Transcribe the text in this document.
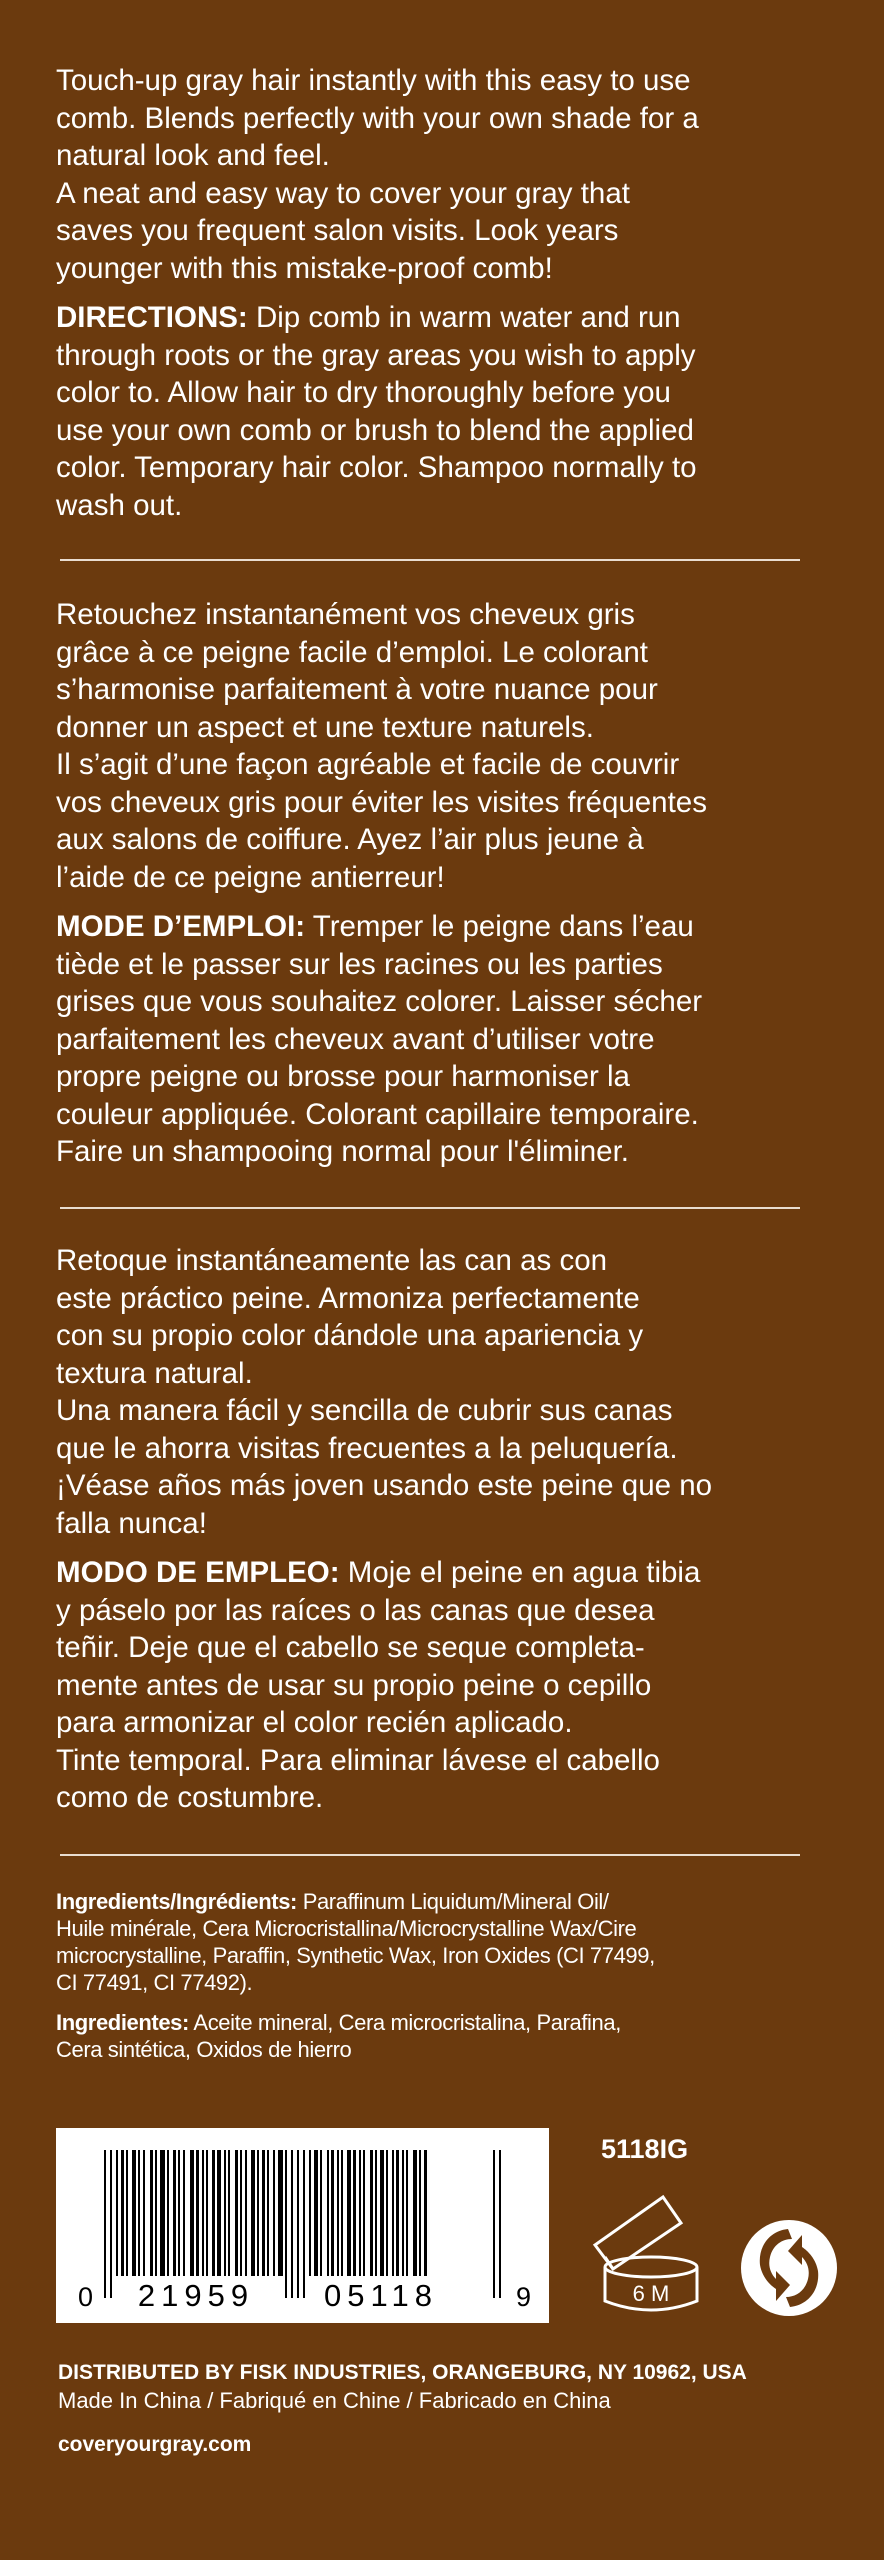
Touch-up gray hair instantly with this easy to use
comb. Blends perfectly with your own shade for a
natural look and feel.
A neat and easy way to cover your gray that
saves you frequent salon visits. Look years
younger with this mistake-proof comb!

DIRECTIONS: Dip comb in warm water and run
through roots or the gray areas you wish to apply
color to. Allow hair to dry thoroughly before you
use your own comb or brush to blend the applied
color. Temporary hair color. Shampoo normally to
wash out.

Retouchez instantanément vos cheveux gris
grâce à ce peigne facile d’emploi. Le colorant
s’harmonise parfaitement à votre nuance pour
donner un aspect et une texture naturels.
Il s’agit d’une façon agréable et facile de couvrir
vos cheveux gris pour éviter les visites fréquentes
aux salons de coiffure. Ayez l’air plus jeune à
l’aide de ce peigne antierreur!

MODE D’EMPLOI: Tremper le peigne dans l’eau
tiède et le passer sur les racines ou les parties
grises que vous souhaitez colorer. Laisser sécher
parfaitement les cheveux avant d’utiliser votre
propre peigne ou brosse pour harmoniser la
couleur appliquée. Colorant capillaire temporaire.
Faire un shampooing normal pour l'éliminer.

Retoque instantáneamente las can as con
este práctico peine. Armoniza perfectamente
con su propio color dándole una apariencia y
textura natural.
Una manera fácil y sencilla de cubrir sus canas
que le ahorra visitas frecuentes a la peluquería.
¡Véase años más joven usando este peine que no
falla nunca!

MODO DE EMPLEO: Moje el peine en agua tibia
y páselo por las raíces o las canas que desea
teñir. Deje que el cabello se seque completa-
mente antes de usar su propio peine o cepillo
para armonizar el color recién aplicado.
Tinte temporal. Para eliminar lávese el cabello
como de costumbre.

Ingredients/Ingrédients: Paraffinum Liquidum/Mineral Oil/
Huile minérale, Cera Microcristallina/Microcrystalline Wax/Cire
microcrystalline, Paraffin, Synthetic Wax, Iron Oxides (CI 77499,
CI 77491, CI 77492).

Ingredientes: Aceite mineral, Cera microcristalina, Parafina,
Cera sintética, Oxidos de hierro

0 21959 05118	9
5118IG
6 M
DISTRIBUTED BY FISK INDUSTRIES, ORANGEBURG, NY 10962, USA
Made In China / Fabriqué en Chine / Fabricado en China
coveryourgray.com
